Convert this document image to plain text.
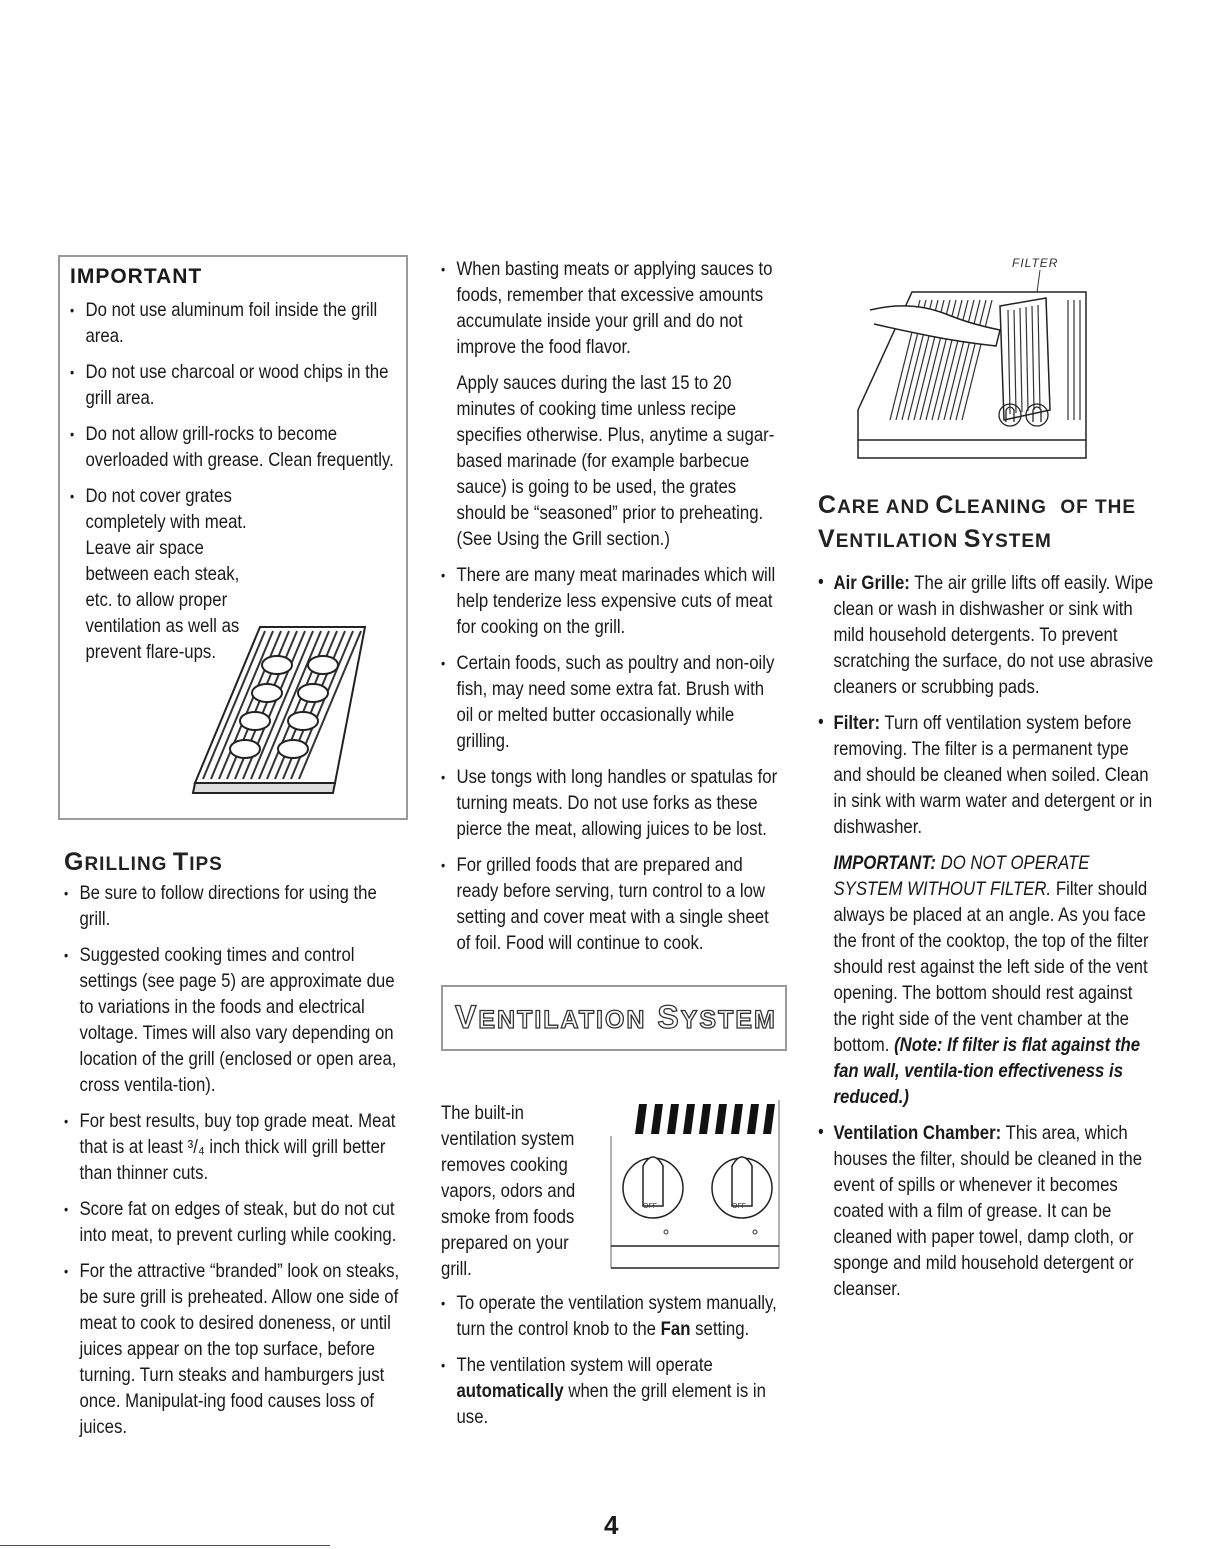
IMPORTANT
• Do not use aluminum foil inside the grill area.
• Do not use charcoal or wood chips in the grill area.
• Do not allow grill-rocks to become overloaded with grease. Clean frequently.
• Do not cover grates completely with meat. Leave air space between each steak, etc. to allow proper ventilation as well as prevent flare-ups.
GRILLING TIPS
• Be sure to follow directions for using the grill.
• Suggested cooking times and control settings (see page 5) are approximate due to variations in the foods and electrical voltage. Times will also vary depending on location of the grill (enclosed or open area, cross ventila-tion).
• For best results, buy top grade meat. Meat that is at least ³/₄ inch thick will grill better than thinner cuts.
• Score fat on edges of steak, but do not cut into meat, to prevent curling while cooking.
• For the attractive “branded” look on steaks, be sure grill is preheated. Allow one side of meat to cook to desired doneness, or until juices appear on the top surface, before turning. Turn steaks and hamburgers just once. Manipulat-ing food causes loss of juices.

• When basting meats or applying sauces to foods, remember that excessive amounts accumulate inside your grill and do not improve the food flavor.

Apply sauces during the last 15 to 20 minutes of cooking time unless recipe specifies otherwise. Plus, anytime a sugar-based marinade (for example barbecue sauce) is going to be used, the grates should be “seasoned” prior to preheating. (See Using the Grill section.)

• There are many meat marinades which will help tenderize less expensive cuts of meat for cooking on the grill.
• Certain foods, such as poultry and non-oily fish, may need some extra fat. Brush with oil or melted butter occasionally while grilling.
• Use tongs with long handles or spatulas for turning meats. Do not use forks as these pierce the meat, allowing juices to be lost.
• For grilled foods that are prepared and ready before serving, turn control to a low setting and cover meat with a single sheet of foil. Food will continue to cook.
VENTILATION SYSTEM

The built-in ventilation system removes cooking vapors, odors and smoke from foods prepared on your grill.

OFF	OFF
• To operate the ventilation system manually, turn the control knob to the Fan setting.
• The ventilation system will operate automatically when the grill element is in use.
FILTER
CARE AND CLEANING OF THE
VENTILATION SYSTEM
• Air Grille: The air grille lifts off easily. Wipe clean or wash in dishwasher or sink with mild household detergents. To prevent scratching the surface, do not use abrasive cleaners or scrubbing pads.

• Filter: Turn off ventilation system before removing. The filter is a permanent type and should be cleaned when soiled. Clean in sink with warm water and detergent or in dishwasher.

IMPORTANT: DO NOT OPERATE SYSTEM WITHOUT FILTER. Filter should always be placed at an angle. As you face the front of the cooktop, the top of the filter should rest against the left side of the vent opening. The bottom should rest against the right side of the vent chamber at the bottom. (Note: If filter is flat against the fan wall, ventila-tion effectiveness is reduced.)

• Ventilation Chamber: This area, which houses the filter, should be cleaned in the event of spills or whenever it becomes coated with a film of grease. It can be cleaned with paper towel, damp cloth, or sponge and mild household detergent or cleanser.
4
